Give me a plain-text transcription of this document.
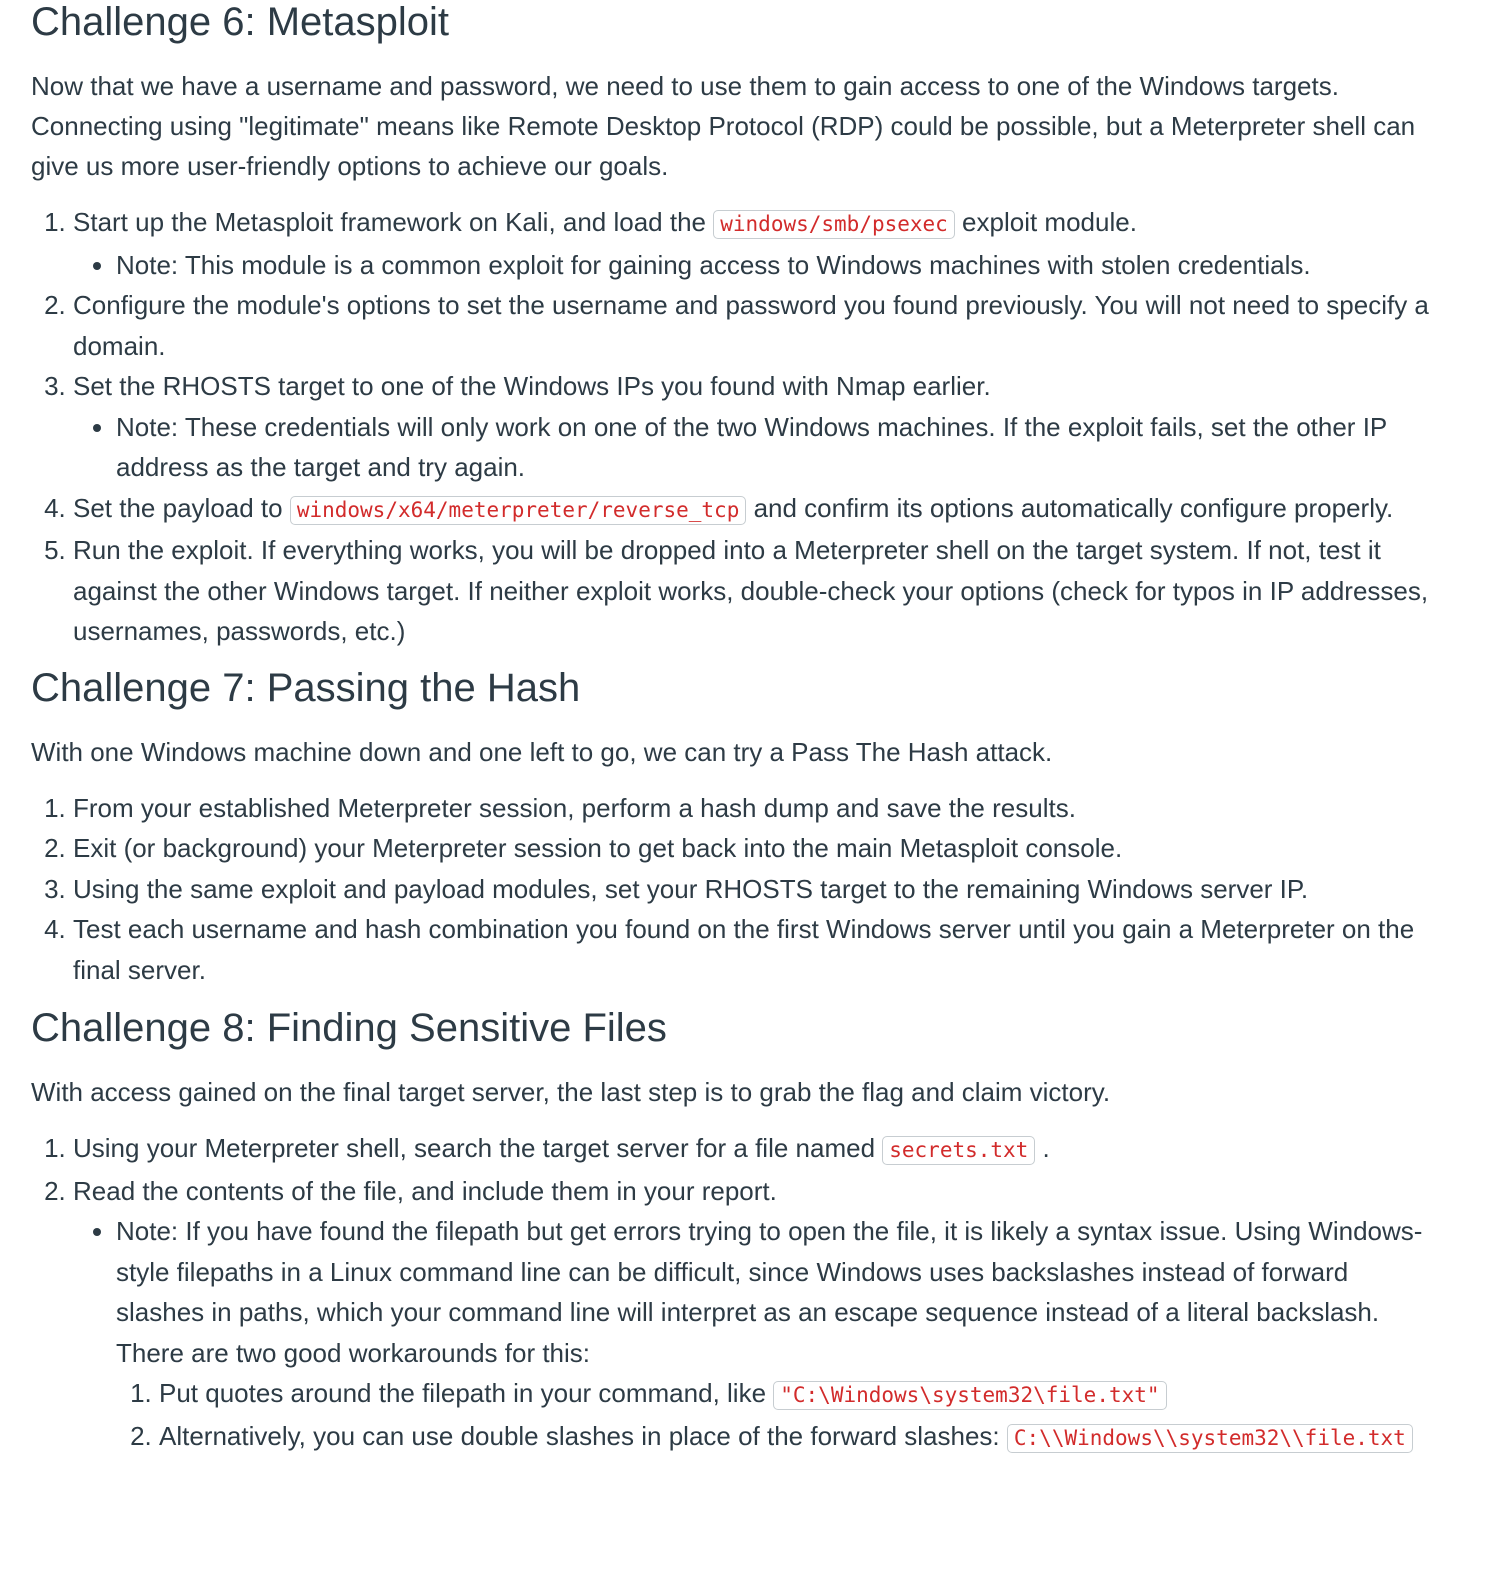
Challenge 6: Metasploit

Now that we have a username and password, we need to use them to gain access to one of the Windows targets. Connecting using "legitimate" means like Remote Desktop Protocol (RDP) could be possible, but a Meterpreter shell can give us more user-friendly options to achieve our goals.

1. Start up the Metasploit framework on Kali, and load the windows/smb/psexec exploit module.
• Note: This module is a common exploit for gaining access to Windows machines with stolen credentials.
2. Configure the module's options to set the username and password you found previously. You will not need to specify a domain.
3. Set the RHOSTS target to one of the Windows IPs you found with Nmap earlier.
• Note: These credentials will only work on one of the two Windows machines. If the exploit fails, set the other IP address as the target and try again.
4. Set the payload to windows/x64/meterpreter/reverse_tcp and confirm its options automatically configure properly.
5. Run the exploit. If everything works, you will be dropped into a Meterpreter shell on the target system. If not, test it against the other Windows target. If neither exploit works, double-check your options (check for typos in IP addresses, usernames, passwords, etc.)
Challenge 7: Passing the Hash

With one Windows machine down and one left to go, we can try a Pass The Hash attack.

1. From your established Meterpreter session, perform a hash dump and save the results.
2. Exit (or background) your Meterpreter session to get back into the main Metasploit console.
3. Using the same exploit and payload modules, set your RHOSTS target to the remaining Windows server IP.
4. Test each username and hash combination you found on the first Windows server until you gain a Meterpreter on the final server.
Challenge 8: Finding Sensitive Files

With access gained on the final target server, the last step is to grab the flag and claim victory.

1. Using your Meterpreter shell, search the target server for a file named secrets.txt .
2. Read the contents of the file, and include them in your report.
• Note: If you have found the filepath but get errors trying to open the file, it is likely a syntax issue. Using Windows-style filepaths in a Linux command line can be difficult, since Windows uses backslashes instead of forward slashes in paths, which your command line will interpret as an escape sequence instead of a literal backslash. There are two good workarounds for this:
1. Put quotes around the filepath in your command, like "C:\Windows\system32\file.txt"
2. Alternatively, you can use double slashes in place of the forward slashes: C:\\Windows\\system32\\file.txt
